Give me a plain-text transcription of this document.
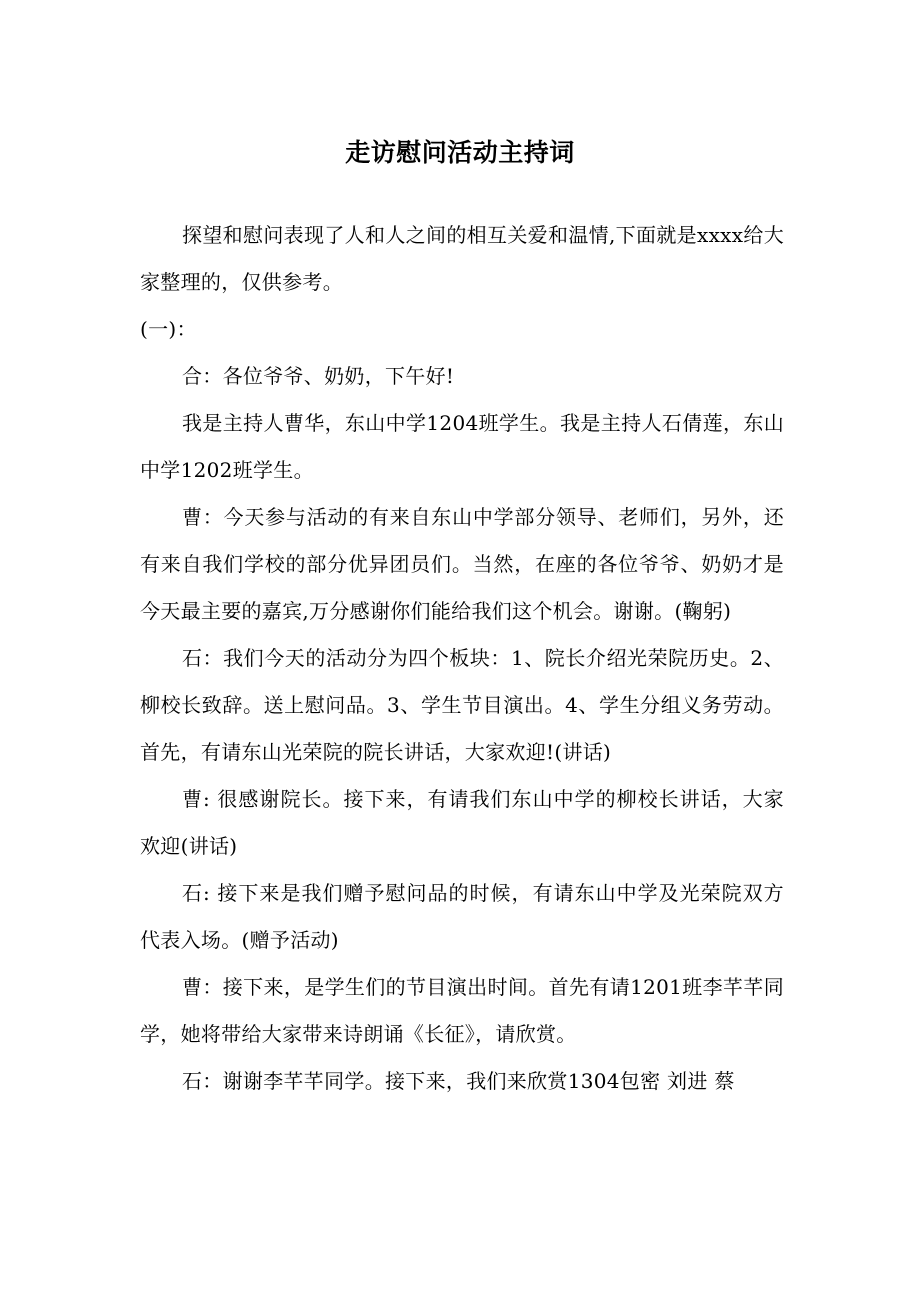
走访慰问活动主持词

探望和慰问表现了人和人之间的相互关爱和温情,下面就是xxxx给大家整理的，仅供参考。

(一)：

合：各位爷爷、奶奶，下午好!

我是主持人曹华，东山中学1204班学生。我是主持人石倩莲，东山中学1202班学生。

曹：今天参与活动的有来自东山中学部分领导、老师们，另外，还有来自我们学校的部分优异团员们。当然，在座的各位爷爷、奶奶才是今天最主要的嘉宾,万分感谢你们能给我们这个机会。谢谢。(鞠躬)

石：我们今天的活动分为四个板块：1、院长介绍光荣院历史。2、柳校长致辞。送上慰问品。3、学生节目演出。4、学生分组义务劳动。首先，有请东山光荣院的院长讲话，大家欢迎!(讲话)

曹: 很感谢院长。接下来，有请我们东山中学的柳校长讲话，大家欢迎(讲话)

石: 接下来是我们赠予慰问品的时候，有请东山中学及光荣院双方代表入场。(赠予活动)

曹：接下来，是学生们的节目演出时间。首先有请1201班李芊芊同学，她将带给大家带来诗朗诵《长征》，请欣赏。

石：谢谢李芊芊同学。接下来，我们来欣赏1304包密 刘进 蔡
